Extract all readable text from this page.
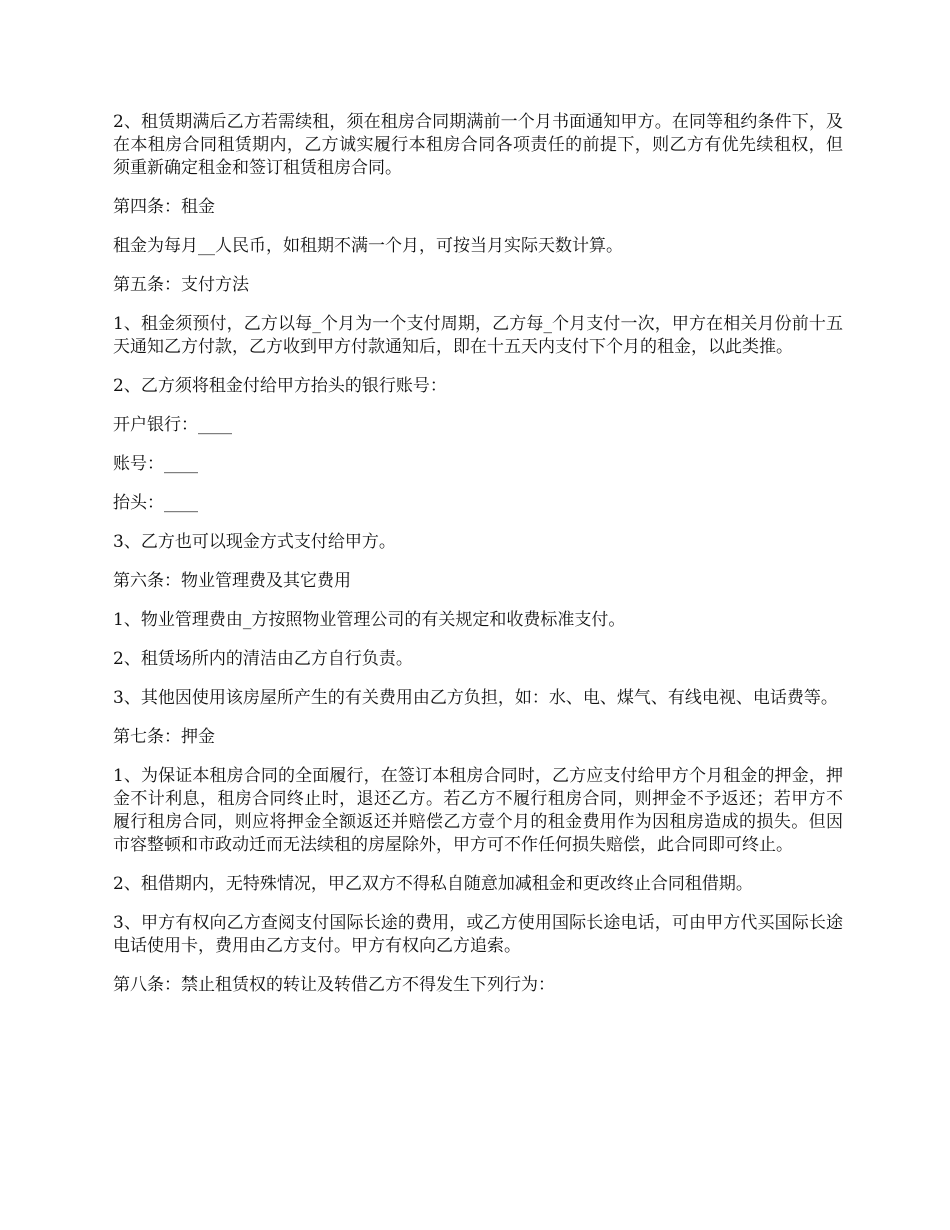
2、租赁期满后乙方若需续租，须在租房合同期满前一个月书面通知甲方。在同等租约条件下，及在本租房合同租赁期内，乙方诚实履行本租房合同各项责任的前提下，则乙方有优先续租权，但须重新确定租金和签订租赁租房合同。

第四条：租金

租金为每月__人民币，如租期不满一个月，可按当月实际天数计算。

第五条：支付方法

1、租金须预付，乙方以每_个月为一个支付周期，乙方每_个月支付一次，甲方在相关月份前十五天通知乙方付款，乙方收到甲方付款通知后，即在十五天内支付下个月的租金，以此类推。

2、乙方须将租金付给甲方抬头的银行账号：

开户银行：____

账号：____

抬头：____

3、乙方也可以现金方式支付给甲方。

第六条：物业管理费及其它费用

1、物业管理费由_方按照物业管理公司的有关规定和收费标准支付。

2、租赁场所内的清洁由乙方自行负责。

3、其他因使用该房屋所产生的有关费用由乙方负担，如：水、电、煤气、有线电视、电话费等。

第七条：押金

1、为保证本租房合同的全面履行，在签订本租房合同时，乙方应支付给甲方个月租金的押金，押金不计利息，租房合同终止时，退还乙方。若乙方不履行租房合同，则押金不予返还；若甲方不履行租房合同，则应将押金全额返还并赔偿乙方壹个月的租金费用作为因租房造成的损失。但因市容整顿和市政动迁而无法续租的房屋除外，甲方可不作任何损失赔偿，此合同即可终止。

2、租借期内，无特殊情况，甲乙双方不得私自随意加减租金和更改终止合同租借期。

3、甲方有权向乙方查阅支付国际长途的费用，或乙方使用国际长途电话，可由甲方代买国际长途电话使用卡，费用由乙方支付。甲方有权向乙方追索。

第八条：禁止租赁权的转让及转借乙方不得发生下列行为：
